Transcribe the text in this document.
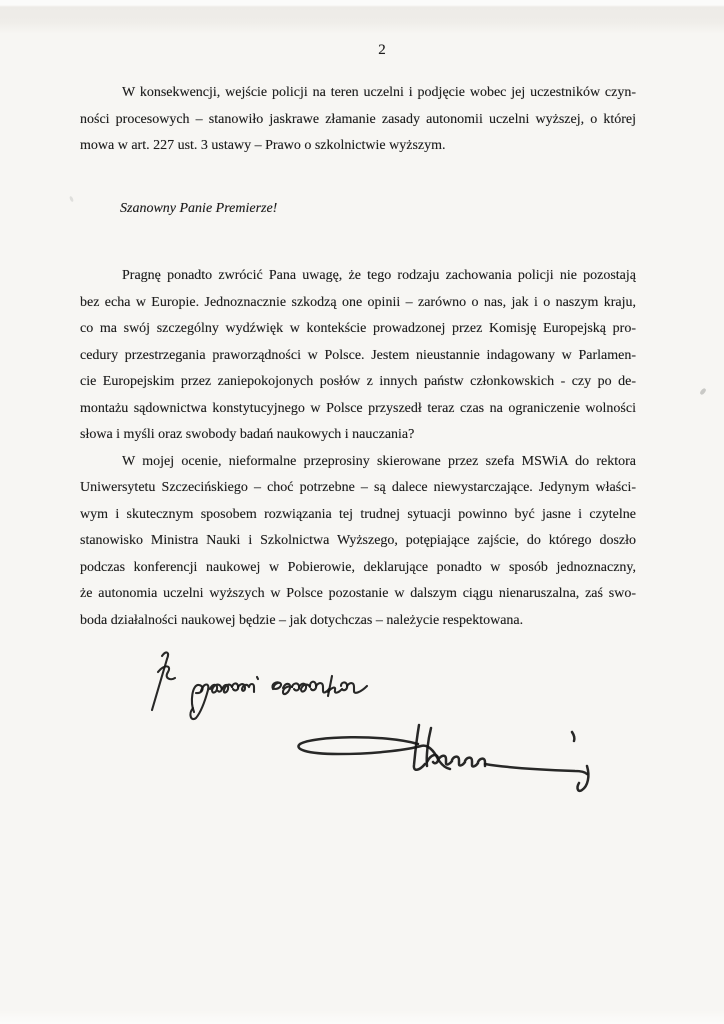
2

W konsekwencji, wejście policji na teren uczelni i podjęcie wobec jej uczestników czyn-
ności procesowych – stanowiło jaskrawe złamanie zasady autonomii uczelni wyższej, o której
mowa w art. 227 ust. 3 ustawy – Prawo o szkolnictwie wyższym.

Szanowny Panie Premierze!

Pragnę ponadto zwrócić Pana uwagę, że tego rodzaju zachowania policji nie pozostają
bez echa w Europie. Jednoznacznie szkodzą one opinii – zarówno o nas, jak i o naszym kraju,
co ma swój szczególny wydźwięk w kontekście prowadzonej przez Komisję Europejską pro-
cedury przestrzegania praworządności w Polsce. Jestem nieustannie indagowany w Parlamen-
cie Europejskim przez zaniepokojonych posłów z innych państw członkowskich - czy po de-
montażu sądownictwa konstytucyjnego w Polsce przyszedł teraz czas na ograniczenie wolności
słowa i myśli oraz swobody badań naukowych i nauczania?

W mojej ocenie, nieformalne przeprosiny skierowane przez szefa MSWiA do rektora
Uniwersytetu Szczecińskiego – choć potrzebne – są dalece niewystarczające. Jedynym właści-
wym i skutecznym sposobem rozwiązania tej trudnej sytuacji powinno być jasne i czytelne
stanowisko Ministra Nauki i Szkolnictwa Wyższego, potępiające zajście, do którego doszło
podczas konferencji naukowej w Pobierowie, deklarujące ponadto w sposób jednoznaczny,
że autonomia uczelni wyższych w Polsce pozostanie w dalszym ciągu nienaruszalna, zaś swo-
boda działalności naukowej będzie – jak dotychczas – należycie respektowana.
